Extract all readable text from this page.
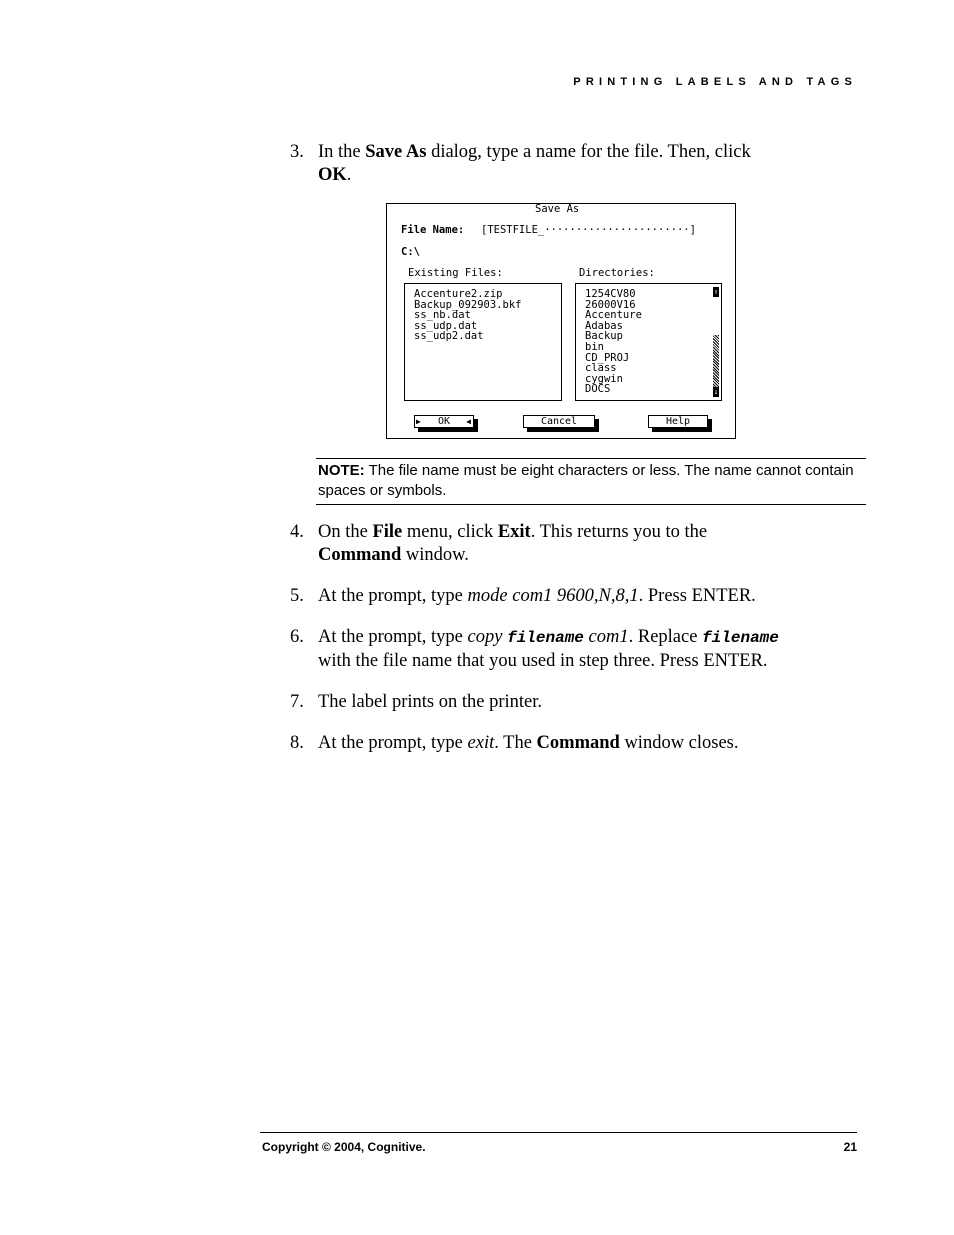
PRINTING LABELS AND TAGS
3. In the Save As dialog, type a name for the file. Then, click
OK.
Save As
File Name: [TESTFILE_·······················]
C:\
Existing Files:	Directories:
Accenture2.zip
Backup_092903.bkf
ss_nb.dat
ss_udp.dat
ss_udp2.dat
1254CV80
26000V16
Accenture
Adabas
Backup
bin
CD_PROJ
class
cygwin
DOCS
↑
↓
▶ OK ◀	Cancel	Help
NOTE: The file name must be eight characters or less. The name cannot contain spaces or symbols.
4. On the File menu, click Exit. This returns you to the
Command window.
5. At the prompt, type mode com1 9600,N,8,1. Press ENTER.
6. At the prompt, type copy filename com1. Replace filename
with the file name that you used in step three. Press ENTER.
7. The label prints on the printer.
8. At the prompt, type exit. The Command window closes.
Copyright © 2004, Cognitive.	21
